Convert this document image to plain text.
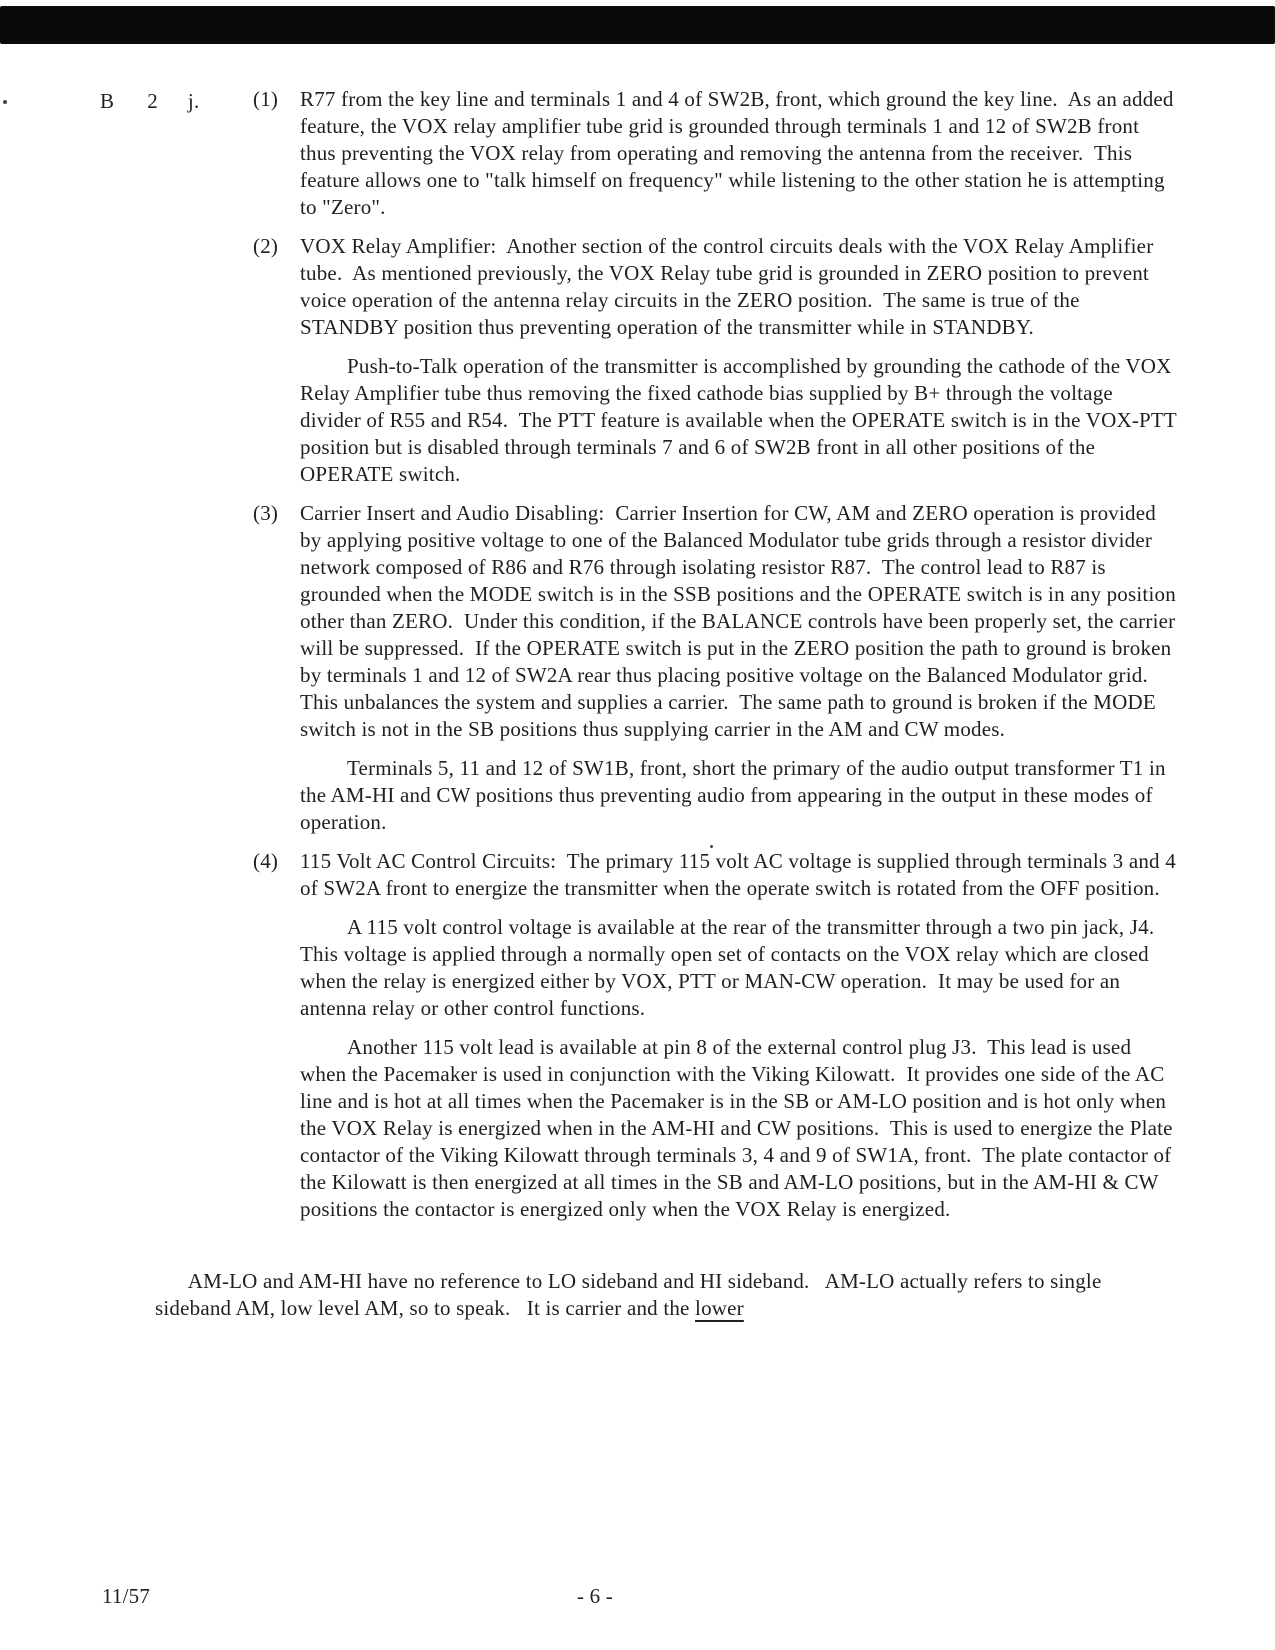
B 2 j.	(1)	R77 from the key line and terminals 1 and 4 of SW2B, front, which ground the key line.  As an added feature, the VOX relay amplifier tube grid is grounded through terminals 1 and 12 of SW2B front thus preventing the VOX relay from operating and removing the antenna from the receiver.  This feature allows one to "talk himself on frequency" while listening to the other station he is attempting to "Zero".
(2)	VOX Relay Amplifier:  Another section of the control circuits deals with the VOX Relay Amplifier tube.  As mentioned previously, the VOX Relay tube grid is grounded in ZERO position to prevent voice operation of the antenna relay circuits in the ZERO position.  The same is true of the STANDBY position thus preventing operation of the transmitter while in STANDBY.
Push-to-Talk operation of the transmitter is accomplished by grounding the cathode of the VOX Relay Amplifier tube thus removing the fixed cathode bias supplied by B+ through the voltage divider of R55 and R54.  The PTT feature is available when the OPERATE switch is in the VOX-PTT position but is disabled through terminals 7 and 6 of SW2B front in all other positions of the OPERATE switch.
(3)	Carrier Insert and Audio Disabling:  Carrier Insertion for CW, AM and ZERO operation is provided by applying positive voltage to one of the Balanced Modulator tube grids through a resistor divider network composed of R86 and R76 through isolating resistor R87.  The control lead to R87 is grounded when the MODE switch is in the SSB positions and the OPERATE switch is in any position other than ZERO.  Under this condition, if the BALANCE controls have been properly set, the carrier will be suppressed.  If the OPERATE switch is put in the ZERO position the path to ground is broken by terminals 1 and 12 of SW2A rear thus placing positive voltage on the Balanced Modulator grid.  This unbalances the system and supplies a carrier.  The same path to ground is broken if the MODE switch is not in the SB positions thus supplying carrier in the AM and CW modes.
Terminals 5, 11 and 12 of SW1B, front, short the primary of the audio output transformer T1 in the AM-HI and CW positions thus preventing audio from appearing in the output in these modes of operation.
(4)	115 Volt AC Control Circuits:  The primary 115 volt AC voltage is supplied through terminals 3 and 4 of SW2A front to energize the transmitter when the operate switch is rotated from the OFF position.
A 115 volt control voltage is available at the rear of the transmitter through a two pin jack, J4.  This voltage is applied through a normally open set of contacts on the VOX relay which are closed when the relay is energized either by VOX, PTT or MAN-CW operation.  It may be used for an antenna relay or other control functions.
Another 115 volt lead is available at pin 8 of the external control plug J3.  This lead is used when the Pacemaker is used in conjunction with the Viking Kilowatt.  It provides one side of the AC line and is hot at all times when the Pacemaker is in the SB or AM-LO position and is hot only when the VOX Relay is energized when in the AM-HI and CW positions.  This is used to energize the Plate contactor of the Viking Kilowatt through terminals 3, 4 and 9 of SW1A, front.  The plate contactor of the Kilowatt is then energized at all times in the SB and AM-LO positions, but in the AM-HI & CW positions the contactor is energized only when the VOX Relay is energized.

AM-LO and AM-HI have no reference to LO sideband and HI sideband.   AM-LO actually refers to single sideband AM, low level AM, so to speak.   It is carrier and the lower

11/57	- 6 -
